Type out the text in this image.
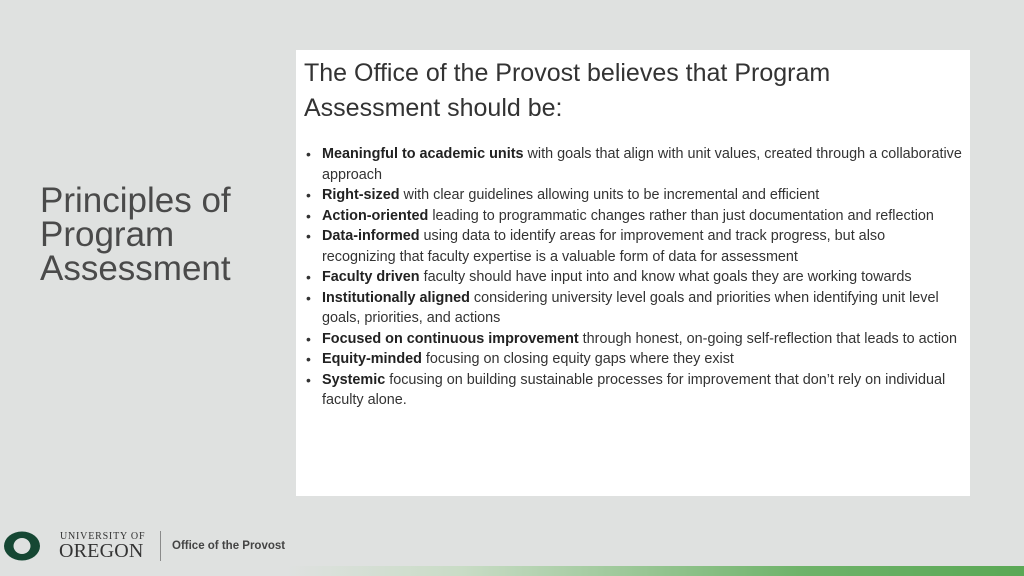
Principles of Program Assessment
The Office of the Provost believes that Program Assessment should be:
• Meaningful to academic units with goals that align with unit values, created through a collaborative approach
• Right-sized with clear guidelines allowing units to be incremental and efficient
• Action-oriented leading to programmatic changes rather than just documentation and reflection
• Data-informed using data to identify areas for improvement and track progress, but also recognizing that faculty expertise is a valuable form of data for assessment
• Faculty driven faculty should have input into and know what goals they are working towards
• Institutionally aligned considering university level goals and priorities when identifying unit level goals, priorities, and actions
• Focused on continuous improvement through honest, on-going self-reflection that leads to action
• Equity-minded focusing on closing equity gaps where they exist
• Systemic focusing on building sustainable processes for improvement that don’t rely on individual faculty alone.
UNIVERSITY OF
OREGON Office of the Provost
